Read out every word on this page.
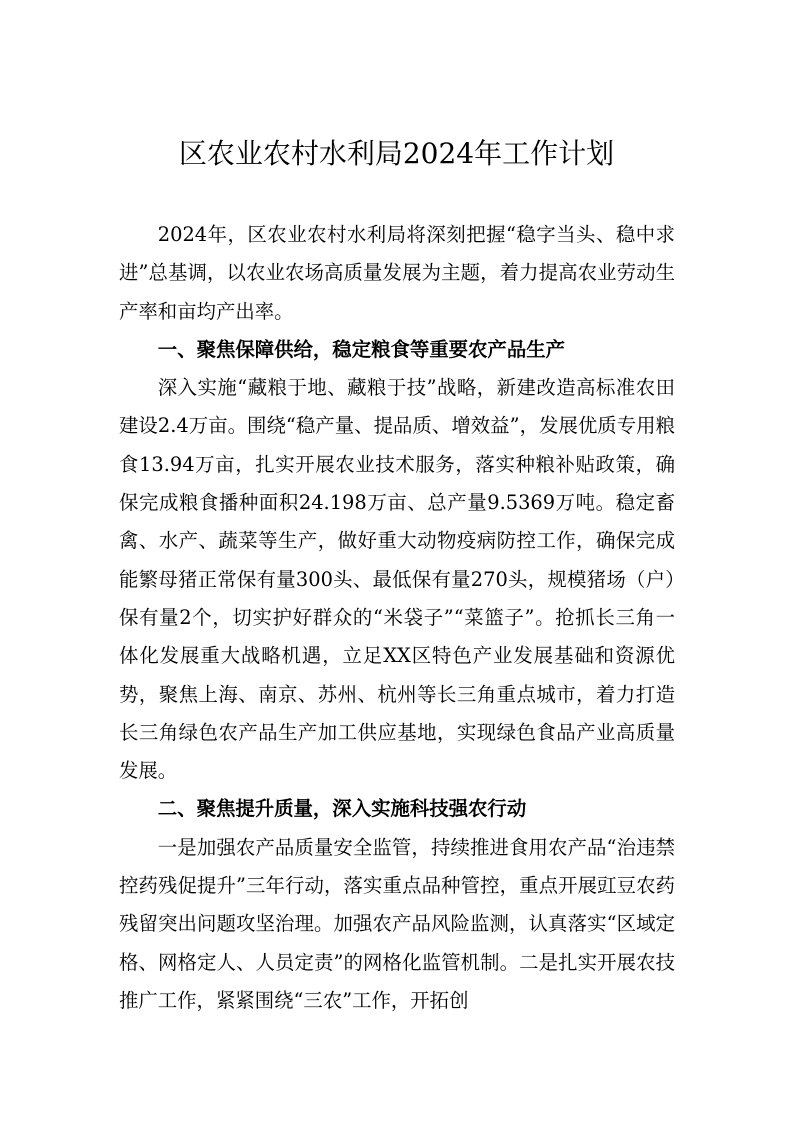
区农业农村水利局2024年工作计划

2024年，区农业农村水利局将深刻把握“稳字当头、稳中求进”总基调，以农业农场高质量发展为主题，着力提高农业劳动生产率和亩均产出率。

一、聚焦保障供给，稳定粮食等重要农产品生产

深入实施“藏粮于地、藏粮于技”战略，新建改造高标准农田建设2.4万亩。围绕“稳产量、提品质、增效益”，发展优质专用粮食13.94万亩，扎实开展农业技术服务，落实种粮补贴政策，确保完成粮食播种面积24.198万亩、总产量9.5369万吨。稳定畜禽、水产、蔬菜等生产，做好重大动物疫病防控工作，确保完成能繁母猪正常保有量300头、最低保有量270头，规模猪场（户）保有量2个，切实护好群众的“米袋子”“菜篮子”。抢抓长三角一体化发展重大战略机遇，立足XX区特色产业发展基础和资源优势，聚焦上海、南京、苏州、杭州等长三角重点城市，着力打造长三角绿色农产品生产加工供应基地，实现绿色食品产业高质量发展。

二、聚焦提升质量，深入实施科技强农行动

一是加强农产品质量安全监管，持续推进食用农产品“治违禁控药残促提升”三年行动，落实重点品种管控，重点开展豇豆农药残留突出问题攻坚治理。加强农产品风险监测，认真落实“区域定格、网格定人、人员定责”的网格化监管机制。二是扎实开展农技推广工作，紧紧围绕“三农”工作，开拓创
